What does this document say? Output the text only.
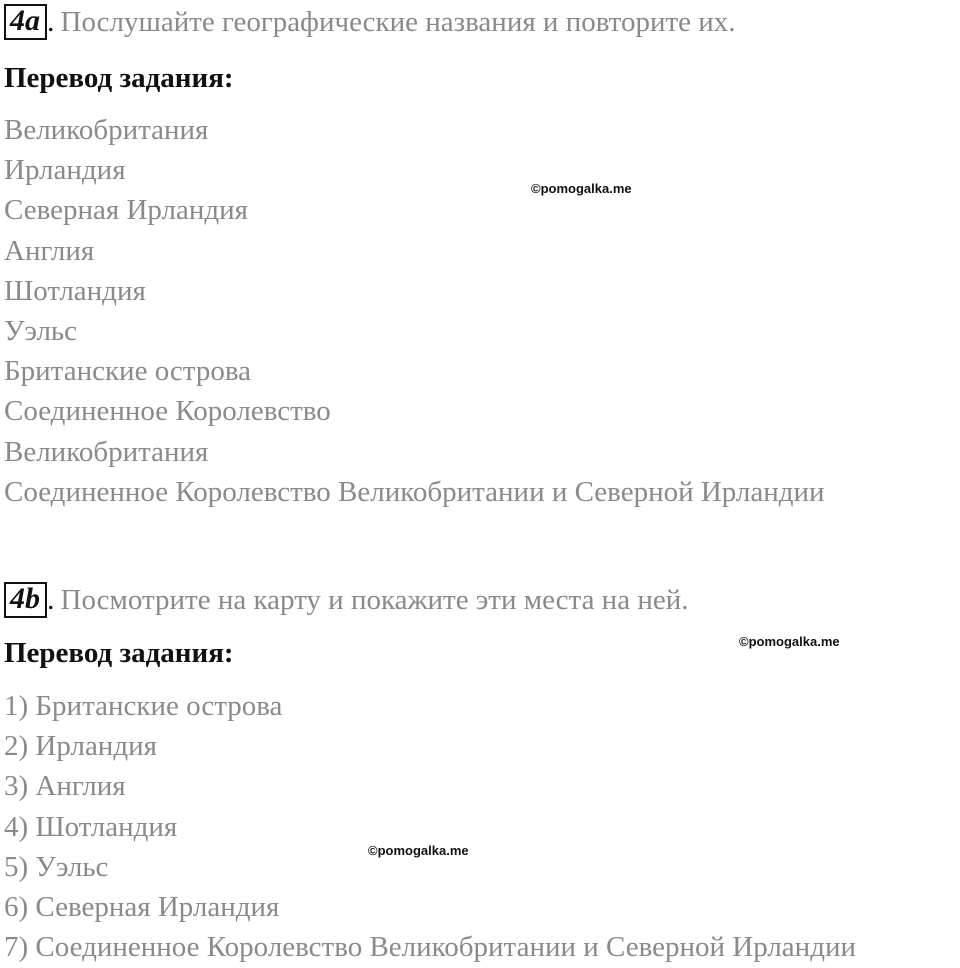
4a . Послушайте географические названия и повторите их.
Перевод задания:
Великобритания
Ирландия
Северная Ирландия
Англия
Шотландия
Уэльс
Британские острова
Соединенное Королевство
Великобритания
Соединенное Королевство Великобритании и Северной Ирландии
4b . Посмотрите на карту и покажите эти места на ней.
Перевод задания:
1) Британские острова
2) Ирландия
3) Англия
4) Шотландия
5) Уэльс
6) Северная Ирландия
7) Соединенное Королевство Великобритании и Северной Ирландии
©pomogalka.me
©pomogalka.me
©pomogalka.me
